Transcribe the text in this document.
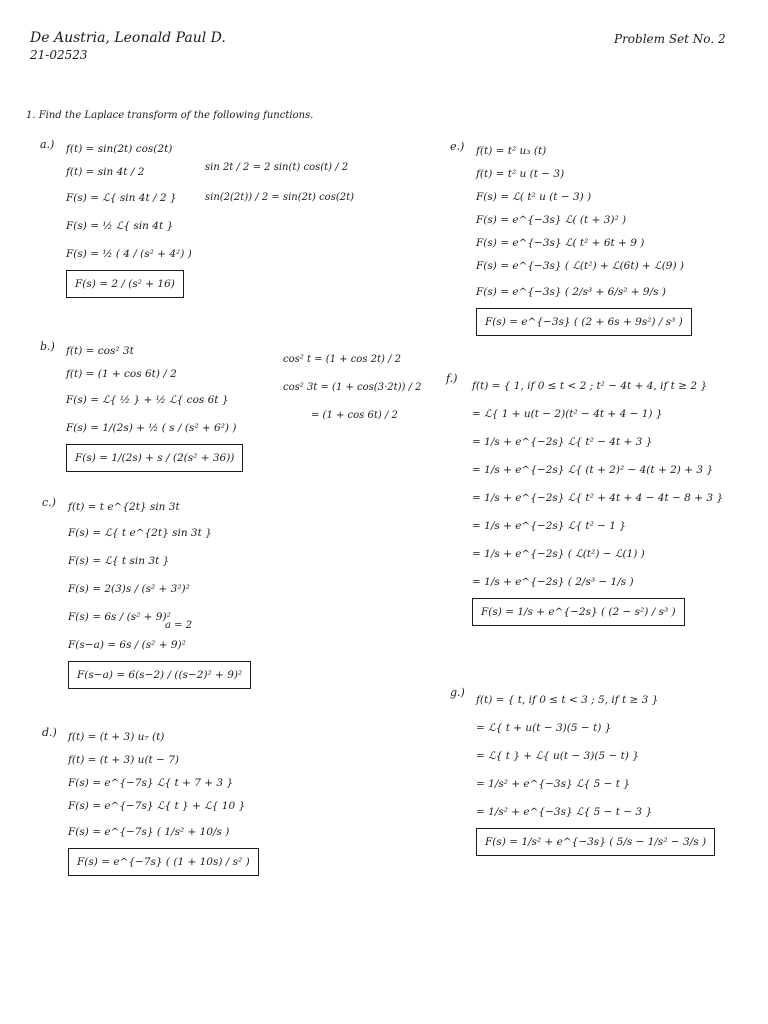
De Austria, Leonald Paul D.
21-02523
Problem Set No. 2
1. Find the Laplace transform of the following functions.
a.) f(t) = sin(2t) cos(2t)
f(t) = sin 4t / 2
F(s) = ℒ{ sin 4t / 2 }
F(s) = ½ ℒ{ sin 4t }
F(s) = ½ ( 4 / (s² + 4²) )
F(s) = 2 / (s² + 16)
sin 2t / 2 = 2 sin(t) cos(t) / 2
sin(2(2t)) / 2 = sin(2t) cos(2t)
b.) f(t) = cos² 3t
f(t) = (1 + cos 6t) / 2
F(s) = ℒ{ ½ } + ½ ℒ{ cos 6t }
F(s) = 1/(2s) + ½ ( s / (s² + 6²) )
F(s) = 1/(2s) + s / (2(s² + 36))
cos² t = (1 + cos 2t) / 2
cos² 3t = (1 + cos(3·2t)) / 2
= (1 + cos 6t) / 2
c.) f(t) = t e^{2t} sin 3t
F(s) = ℒ{ t e^{2t} sin 3t }
F(s) = ℒ{ t sin 3t }
F(s) = 2(3)s / (s² + 3²)²
F(s) = 6s / (s² + 9)²
F(s−a) = 6s / (s² + 9)²
F(s−a) = 6(s−2) / ((s−2)² + 9)²
a = 2
d.) f(t) = (t + 3) u₇ (t)
f(t) = (t + 3) u(t − 7)
F(s) = e^{−7s} ℒ{ t + 7 + 3 }
F(s) = e^{−7s} ℒ{ t } + ℒ{ 10 }
F(s) = e^{−7s} ( 1/s² + 10/s )
F(s) = e^{−7s} ( (1 + 10s) / s² )
e.) f(t) = t² u₃ (t)
f(t) = t² u (t − 3)
F(s) = ℒ( t² u (t − 3) )
F(s) = e^{−3s} ℒ( (t + 3)² )
F(s) = e^{−3s} ℒ( t² + 6t + 9 )
F(s) = e^{−3s} ( ℒ(t²) + ℒ(6t) + ℒ(9) )
F(s) = e^{−3s} ( 2/s³ + 6/s² + 9/s )
F(s) = e^{−3s} ( (2 + 6s + 9s²) / s³ )
f.)
f(t) = { 1, if 0 ≤ t < 2 ; t² − 4t + 4, if t ≥ 2 }
= ℒ{ 1 + u(t − 2)(t² − 4t + 4 − 1) }
= 1/s + e^{−2s} ℒ{ t² − 4t + 3 }
= 1/s + e^{−2s} ℒ{ (t + 2)² − 4(t + 2) + 3 }
= 1/s + e^{−2s} ℒ{ t² + 4t + 4 − 4t − 8 + 3 }
= 1/s + e^{−2s} ℒ{ t² − 1 }
= 1/s + e^{−2s} ( ℒ(t²) − ℒ(1) )
= 1/s + e^{−2s} ( 2/s³ − 1/s )
F(s) = 1/s + e^{−2s} ( (2 − s²) / s³ )
g.)
f(t) = { t, if 0 ≤ t < 3 ; 5, if t ≥ 3 }
= ℒ{ t + u(t − 3)(5 − t) }
= ℒ{ t } + ℒ{ u(t − 3)(5 − t) }
= 1/s² + e^{−3s} ℒ{ 5 − t }
= 1/s² + e^{−3s} ℒ{ 5 − t − 3 }
F(s) = 1/s² + e^{−3s} ( 5/s − 1/s² − 3/s )
